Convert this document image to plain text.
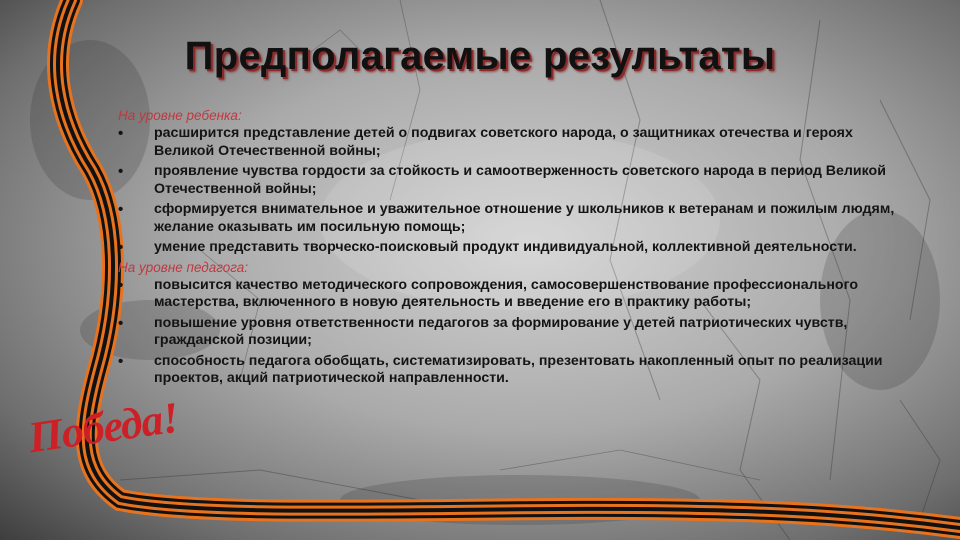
Победа!
Предполагаемые результаты
На уровне ребенка:
• расширится представление детей о подвигах советского народа, о защитниках отечества и героях Великой Отечественной войны;
• проявление чувства гордости за стойкость и самоотверженность советского народа в период Великой Отечественной войны;
• сформируется внимательное и уважительное отношение у школьников к ветеранам и пожилым людям, желание оказывать им посильную помощь;
• умение представить творческо-поисковый продукт индивидуальной, коллективной деятельности.
На уровне педагога:
• повысится качество методического сопровождения, самосовершенствование профессионального мастерства, включенного в новую деятельность и введение его в практику работы;
• повышение уровня ответственности педагогов за формирование у детей патриотических чувств, гражданской позиции;
• способность педагога обобщать, систематизировать, презентовать накопленный опыт по реализации проектов, акций патриотической направленности.
